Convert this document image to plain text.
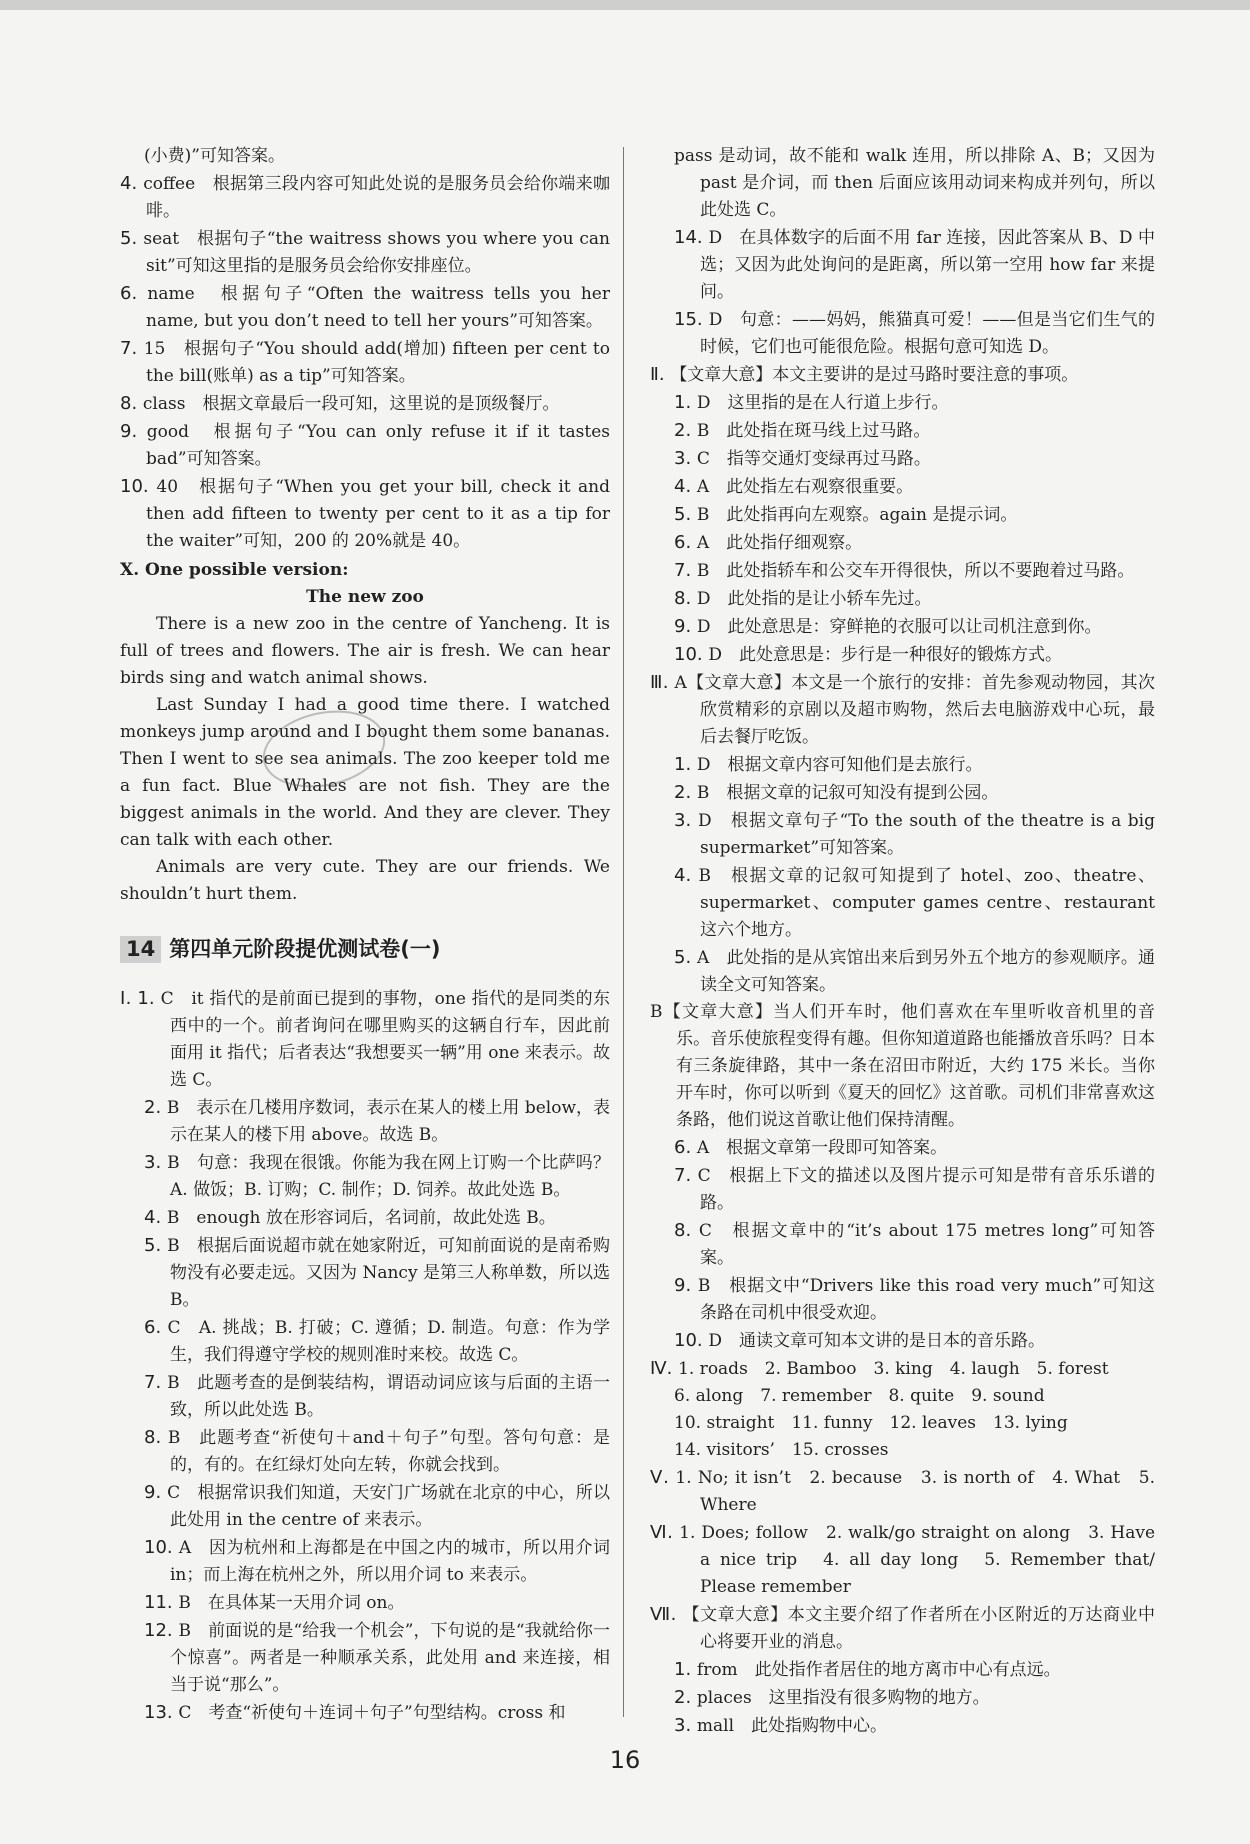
(小费)”可知答案。

4. coffee　根据第三段内容可知此处说的是服务员会给你端来咖啡。

5. seat　根据句子“the waitress shows you where you can sit”可知这里指的是服务员会给你安排座位。

6. name　根据句子“Often the waitress tells you her name, but you don’t need to tell her yours”可知答案。

7. 15　根据句子“You should add(增加) fifteen per cent to the bill(账单) as a tip”可知答案。

8. class　根据文章最后一段可知，这里说的是顶级餐厅。

9. good　根据句子“You can only refuse it if it tastes bad”可知答案。

10. 40　根据句子“When you get your bill, check it and then add fifteen to twenty per cent to it as a tip for the waiter”可知，200 的 20%就是 40。

Ⅹ. One possible version:

The new zoo

There is a new zoo in the centre of Yancheng. It is full of trees and flowers. The air is fresh. We can hear birds sing and watch animal shows.

Last Sunday I had a good time there. I watched monkeys jump around and I bought them some bananas. Then I went to see sea animals. The zoo keeper told me a fun fact. Blue Whales are not fish. They are the biggest animals in the world. And they are clever. They can talk with each other.

Animals are very cute. They are our friends. We shouldn’t hurt them.

14 第四单元阶段提优测试卷(一)

Ⅰ. 1. C　it 指代的是前面已提到的事物，one 指代的是同类的东西中的一个。前者询问在哪里购买的这辆自行车，因此前面用 it 指代；后者表达“我想要买一辆”用 one 来表示。故选 C。

2. B　表示在几楼用序数词，表示在某人的楼上用 below，表示在某人的楼下用 above。故选 B。

3. B　句意：我现在很饿。你能为我在网上订购一个比萨吗？A. 做饭；B. 订购；C. 制作；D. 饲养。故此处选 B。

4. B　enough 放在形容词后，名词前，故此处选 B。

5. B　根据后面说超市就在她家附近，可知前面说的是南希购物没有必要走远。又因为 Nancy 是第三人称单数，所以选 B。

6. C　A. 挑战；B. 打破；C. 遵循；D. 制造。句意：作为学生，我们得遵守学校的规则准时来校。故选 C。

7. B　此题考查的是倒装结构，谓语动词应该与后面的主语一致，所以此处选 B。

8. B　此题考查“祈使句＋and＋句子”句型。答句句意：是的，有的。在红绿灯处向左转，你就会找到。

9. C　根据常识我们知道，天安门广场就在北京的中心，所以此处用 in the centre of 来表示。

10. A　因为杭州和上海都是在中国之内的城市，所以用介词 in；而上海在杭州之外，所以用介词 to 来表示。

11. B　在具体某一天用介词 on。

12. B　前面说的是“给我一个机会”，下句说的是“我就给你一个惊喜”。两者是一种顺承关系，此处用 and 来连接，相当于说“那么”。

13. C　考查“祈使句＋连词＋句子”句型结构。cross 和

pass 是动词，故不能和 walk 连用，所以排除 A、B；又因为 past 是介词，而 then 后面应该用动词来构成并列句，所以此处选 C。

14. D　在具体数字的后面不用 far 连接，因此答案从 B、D 中选；又因为此处询问的是距离，所以第一空用 how far 来提问。

15. D　句意：——妈妈，熊猫真可爱！——但是当它们生气的时候，它们也可能很危险。根据句意可知选 D。

Ⅱ. 【文章大意】本文主要讲的是过马路时要注意的事项。

1. D　这里指的是在人行道上步行。

2. B　此处指在斑马线上过马路。

3. C　指等交通灯变绿再过马路。

4. A　此处指左右观察很重要。

5. B　此处指再向左观察。again 是提示词。

6. A　此处指仔细观察。

7. B　此处指轿车和公交车开得很快，所以不要跑着过马路。

8. D　此处指的是让小轿车先过。

9. D　此处意思是：穿鲜艳的衣服可以让司机注意到你。

10. D　此处意思是：步行是一种很好的锻炼方式。

Ⅲ. A【文章大意】本文是一个旅行的安排：首先参观动物园，其次欣赏精彩的京剧以及超市购物，然后去电脑游戏中心玩，最后去餐厅吃饭。

1. D　根据文章内容可知他们是去旅行。

2. B　根据文章的记叙可知没有提到公园。

3. D　根据文章句子“To the south of the theatre is a big supermarket”可知答案。

4. B　根据文章的记叙可知提到了 hotel、zoo、theatre、supermarket、computer games centre、restaurant 这六个地方。

5. A　此处指的是从宾馆出来后到另外五个地方的参观顺序。通读全文可知答案。

B【文章大意】当人们开车时，他们喜欢在车里听收音机里的音乐。音乐使旅程变得有趣。但你知道道路也能播放音乐吗？日本有三条旋律路，其中一条在沼田市附近，大约 175 米长。当你开车时，你可以听到《夏天的回忆》这首歌。司机们非常喜欢这条路，他们说这首歌让他们保持清醒。

6. A　根据文章第一段即可知答案。

7. C　根据上下文的描述以及图片提示可知是带有音乐乐谱的路。

8. C　根据文章中的“it’s about 175 metres long”可知答案。

9. B　根据文中“Drivers like this road very much”可知这条路在司机中很受欢迎。

10. D　通读文章可知本文讲的是日本的音乐路。

Ⅳ. 1. roads　2. Bamboo　3. king　4. laugh　5. forest

6. along　7. remember　8. quite　9. sound

10. straight　11. funny　12. leaves　13. lying

14. visitors’　15. crosses

Ⅴ. 1. No; it isn’t　2. because　3. is north of　4. What　5. Where

Ⅵ. 1. Does; follow　2. walk/go straight on along　3. Have a nice trip　4. all day long　5. Remember that/ Please remember

Ⅶ. 【文章大意】本文主要介绍了作者所在小区附近的万达商业中心将要开业的消息。

1. from　此处指作者居住的地方离市中心有点远。

2. places　这里指没有很多购物的地方。

3. mall　此处指购物中心。

16
